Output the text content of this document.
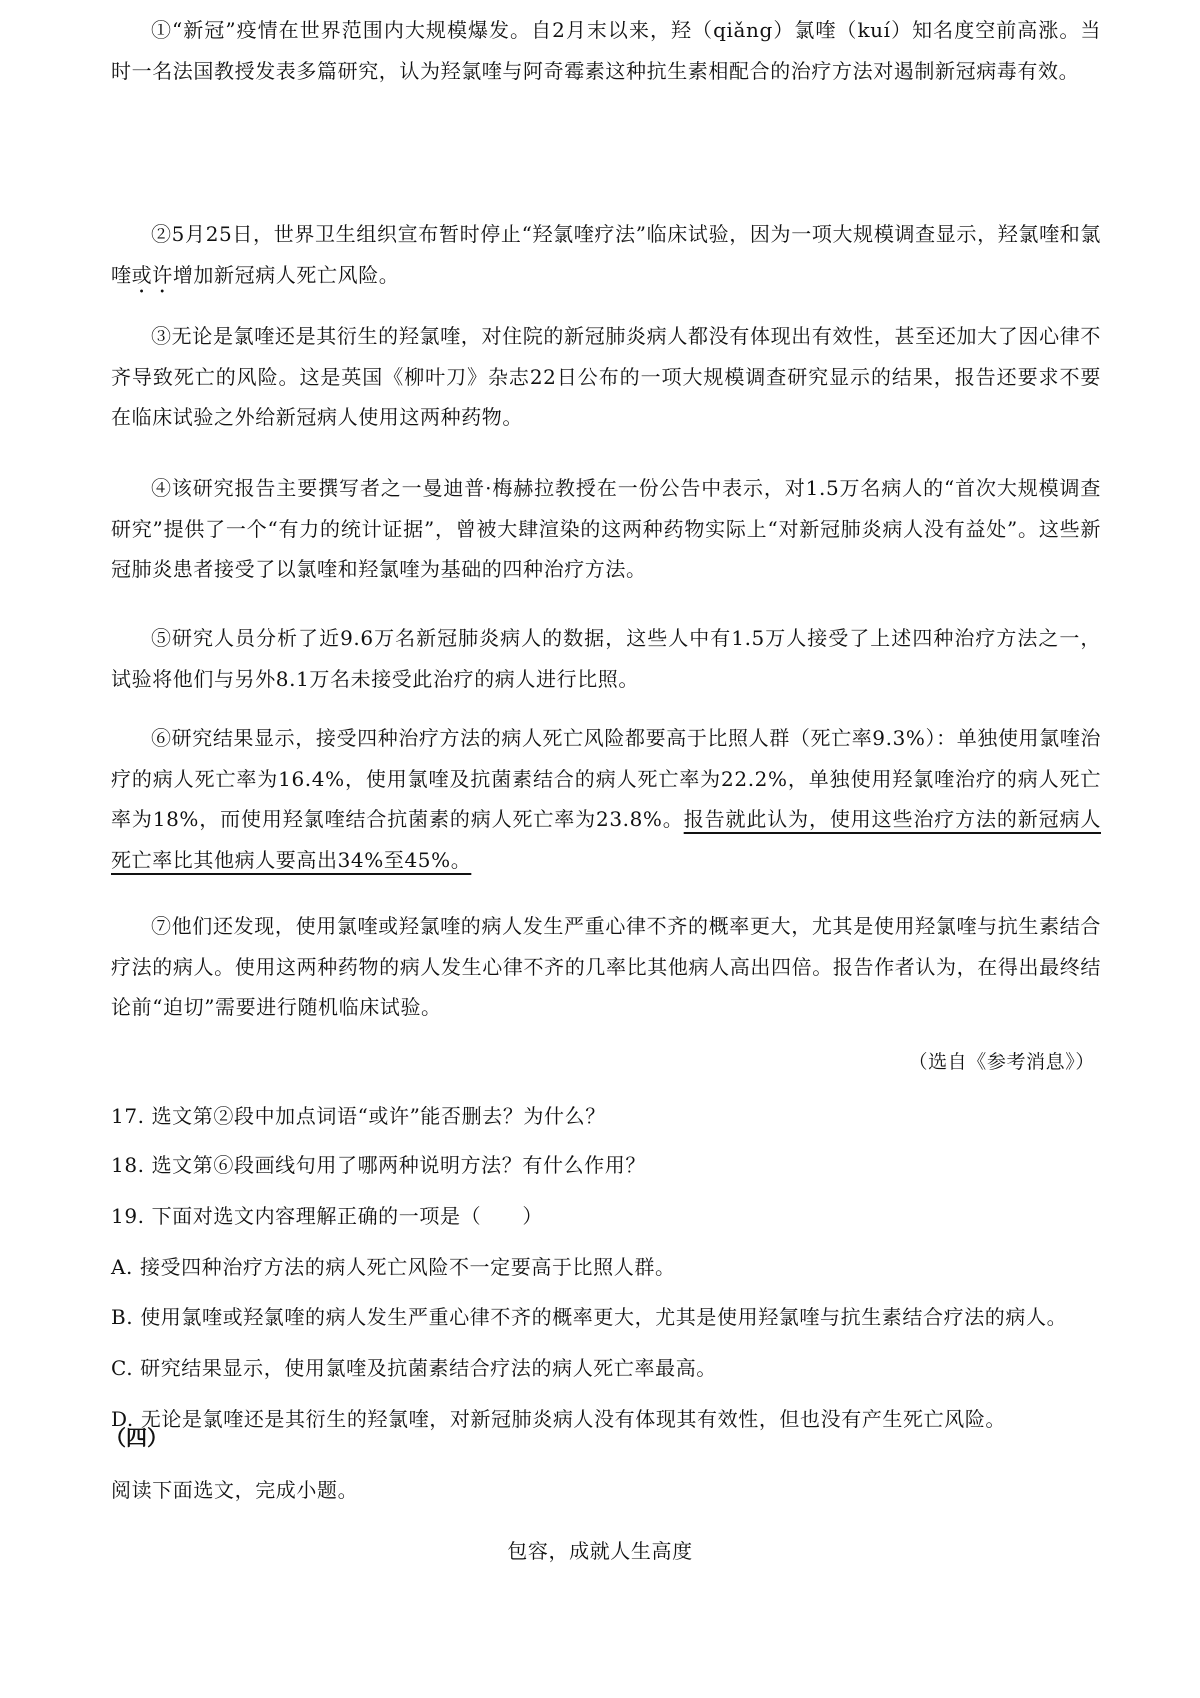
①“新冠”疫情在世界范围内大规模爆发。自2月末以来，羟（qiǎng）氯喹（kuí）知名度空前高涨。当时一名法国教授发表多篇研究，认为羟氯喹与阿奇霉素这种抗生素相配合的治疗方法对遏制新冠病毒有效。

②5月25日，世界卫生组织宣布暂时停止“羟氯喹疗法”临床试验，因为一项大规模调查显示，羟氯喹和氯喹或许增加新冠病人死亡风险。

③无论是氯喹还是其衍生的羟氯喹，对住院的新冠肺炎病人都没有体现出有效性，甚至还加大了因心律不齐导致死亡的风险。这是英国《柳叶刀》杂志22日公布的一项大规模调查研究显示的结果，报告还要求不要在临床试验之外给新冠病人使用这两种药物。

④该研究报告主要撰写者之一曼迪普·梅赫拉教授在一份公告中表示，对1.5万名病人的“首次大规模调查研究”提供了一个“有力的统计证据”，曾被大肆渲染的这两种药物实际上“对新冠肺炎病人没有益处”。这些新冠肺炎患者接受了以氯喹和羟氯喹为基础的四种治疗方法。

⑤研究人员分析了近9.6万名新冠肺炎病人的数据，这些人中有1.5万人接受了上述四种治疗方法之一，试验将他们与另外8.1万名未接受此治疗的病人进行比照。

⑥研究结果显示，接受四种治疗方法的病人死亡风险都要高于比照人群（死亡率9.3%）：单独使用氯喹治疗的病人死亡率为16.4%，使用氯喹及抗菌素结合的病人死亡率为22.2%，单独使用羟氯喹治疗的病人死亡率为18%，而使用羟氯喹结合抗菌素的病人死亡率为23.8%。报告就此认为，使用这些治疗方法的新冠病人死亡率比其他病人要高出34%至45%。

⑦他们还发现，使用氯喹或羟氯喹的病人发生严重心律不齐的概率更大，尤其是使用羟氯喹与抗生素结合疗法的病人。使用这两种药物的病人发生心律不齐的几率比其他病人高出四倍。报告作者认为，在得出最终结论前“迫切”需要进行随机临床试验。

（选自《参考消息》）
17. 选文第②段中加点词语“或许”能否删去？为什么？
18. 选文第⑥段画线句用了哪两种说明方法？有什么作用？
19. 下面对选文内容理解正确的一项是（　　）
A. 接受四种治疗方法的病人死亡风险不一定要高于比照人群。
B. 使用氯喹或羟氯喹的病人发生严重心律不齐的概率更大，尤其是使用羟氯喹与抗生素结合疗法的病人。
C. 研究结果显示，使用氯喹及抗菌素结合疗法的病人死亡率最高。
D. 无论是氯喹还是其衍生的羟氯喹，对新冠肺炎病人没有体现其有效性，但也没有产生死亡风险。
（四）
阅读下面选文，完成小题。
包容，成就人生高度
